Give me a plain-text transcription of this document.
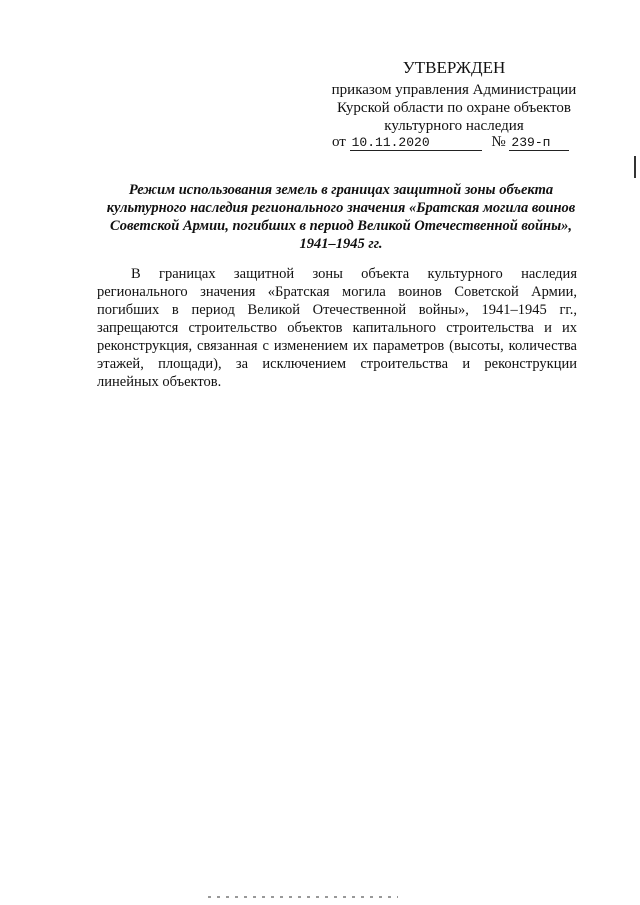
УТВЕРЖДЕН
приказом управления Администрации
Курской области по охране объектов
культурного наследия
от 10.11.2020	№ 239-п
Режим использования земель в границах защитной зоны объекта культурного наследия регионального значения «Братская могила воинов Советской Армии, погибших в период Великой Отечественной войны», 1941–1945 гг.
В границах защитной зоны объекта культурного наследия регионального значения «Братская могила воинов Советской Армии, погибших в период Великой Отечественной войны», 1941–1945 гг., запрещаются строительство объектов капитального строительства и их реконструкция, связанная с изменением их параметров (высоты, количества этажей, площади), за исключением строительства и реконструкции линейных объектов.
